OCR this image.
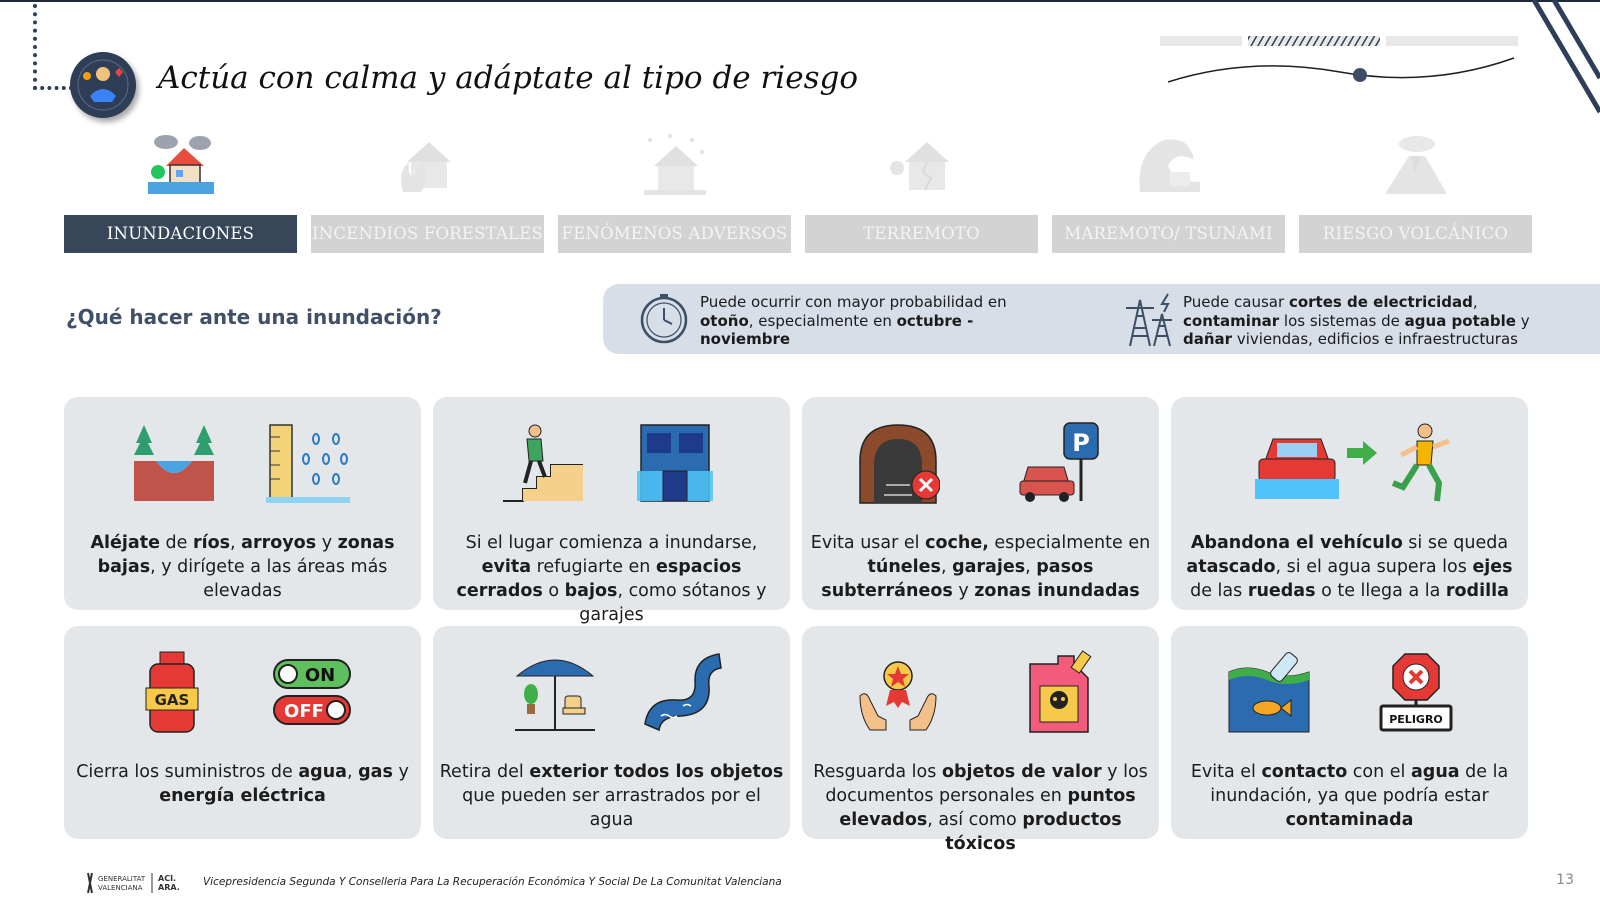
Actúa con calma y adáptate al tipo de riesgo
INUNDACIONES	INCENDIOS FORESTALES FENÓMENOS ADVERSOS	TERREMOTO	MAREMOTO/ TSUNAMI	RIESGO VOLCÁNICO
¿Qué hacer ante una inundación?
Puede ocurrir con mayor probabilidad en otoño, especialmente en octubre - noviembre
Puede causar cortes de electricidad, contaminar los sistemas de agua potable y dañar viviendas, edificios e infraestructuras
Aléjate de ríos, arroyos y zonas bajas, y dirígete a las áreas más elevadas
Si el lugar comienza a inundarse, evita refugiarte en espacios cerrados o bajos, como sótanos y garajes
P
Evita usar el coche, especialmente en túneles, garajes, pasos subterráneos y zonas inundadas
Abandona el vehículo si se queda atascado, si el agua supera los ejes de las ruedas o te llega a la rodilla
GAS
ON
OFF
Cierra los suministros de agua, gas y energía eléctrica
Retira del exterior todos los objetos que pueden ser arrastrados por el agua
Resguarda los objetos de valor y los documentos personales en puntos elevados, así como productos tóxicos
PELIGRO
Evita el contacto con el agua de la inundación, ya que podría estar contaminada
GENERALITAT
VALENCIANA
ACI.
ARA. Vicepresidencia Segunda Y Conselleria Para La Recuperación Económica Y Social De La Comunitat Valenciana	13
